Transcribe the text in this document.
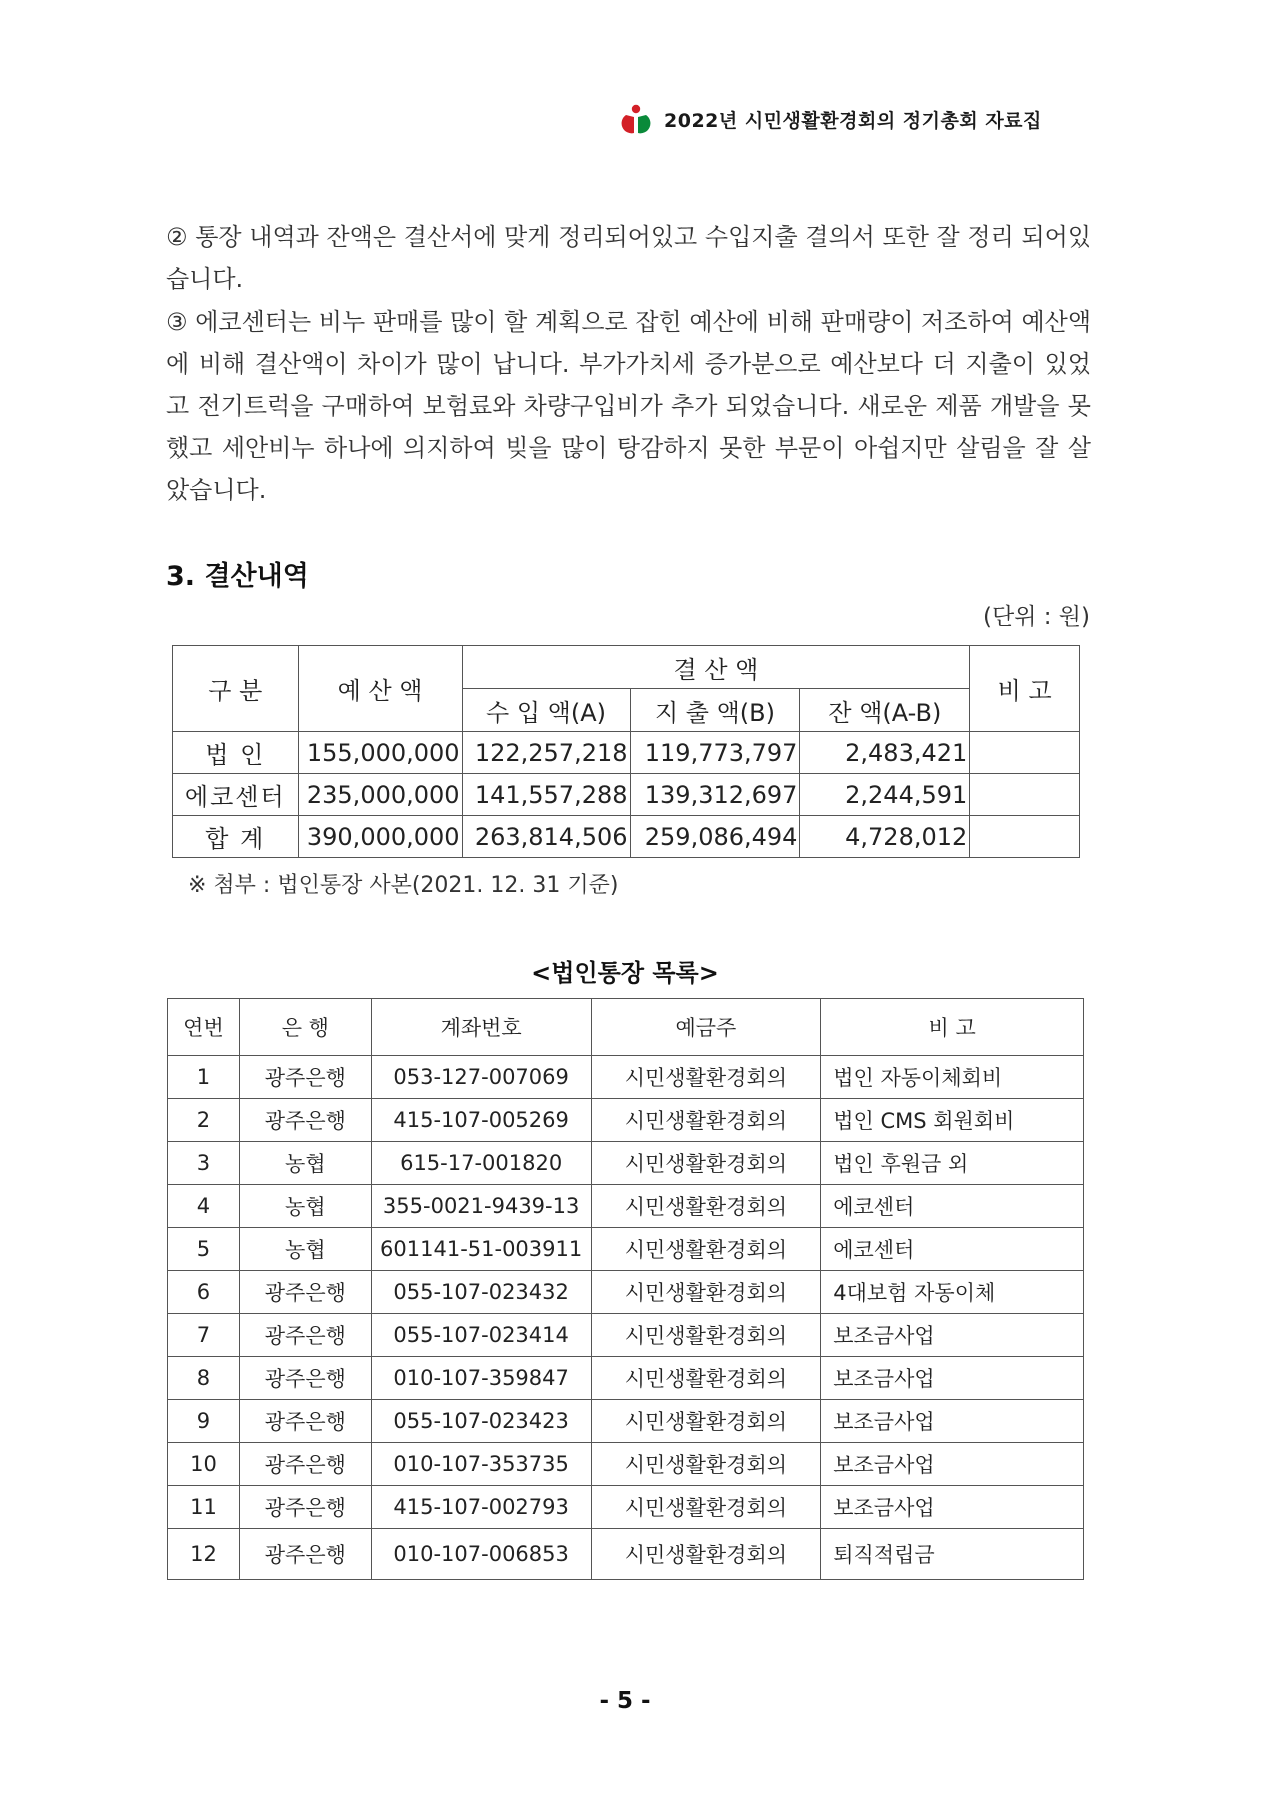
2022년 시민생활환경회의 정기총회 자료집
② 통장 내역과 잔액은 결산서에 맞게 정리되어있고 수입지출 결의서 또한 잘 정리 되어있습니다.
③ 에코센터는 비누 판매를 많이 할 계획으로 잡힌 예산에 비해 판매량이 저조하여 예산액에 비해 결산액이 차이가 많이 납니다. 부가가치세 증가분으로 예산보다 더 지출이 있었고 전기트럭을 구매하여 보험료와 차량구입비가 추가 되었습니다. 새로운 제품 개발을 못했고 세안비누 하나에 의지하여 빚을 많이 탕감하지 못한 부문이 아쉽지만 살림을 잘 살았습니다.
3. 결산내역
(단위 : 원)
구 분	예 산 액	결 산 액			비 고
		수 입 액(A)	지 출 액(B)	잔 액(A-B)	
법 인	155,000,000	122,257,218	119,773,797	2,483,421	
에코센터	235,000,000	141,557,288	139,312,697	2,244,591	
합 계	390,000,000	263,814,506	259,086,494	4,728,012	
※ 첨부 : 법인통장 사본(2021. 12. 31 기준)
<법인통장 목록>
연번	은 행	계좌번호	예금주	비 고
1	광주은행	053-127-007069	시민생활환경회의	법인 자동이체회비
2	광주은행	415-107-005269	시민생활환경회의	법인 CMS 회원회비
3	농협	615-17-001820	시민생활환경회의	법인 후원금 외
4	농협	355-0021-9439-13	시민생활환경회의	에코센터
5	농협	601141-51-003911	시민생활환경회의	에코센터
6	광주은행	055-107-023432	시민생활환경회의	4대보험 자동이체
7	광주은행	055-107-023414	시민생활환경회의	보조금사업
8	광주은행	010-107-359847	시민생활환경회의	보조금사업
9	광주은행	055-107-023423	시민생활환경회의	보조금사업
10	광주은행	010-107-353735	시민생활환경회의	보조금사업
11	광주은행	415-107-002793	시민생활환경회의	보조금사업
12	광주은행	010-107-006853	시민생활환경회의	퇴직적립금
- 5 -
